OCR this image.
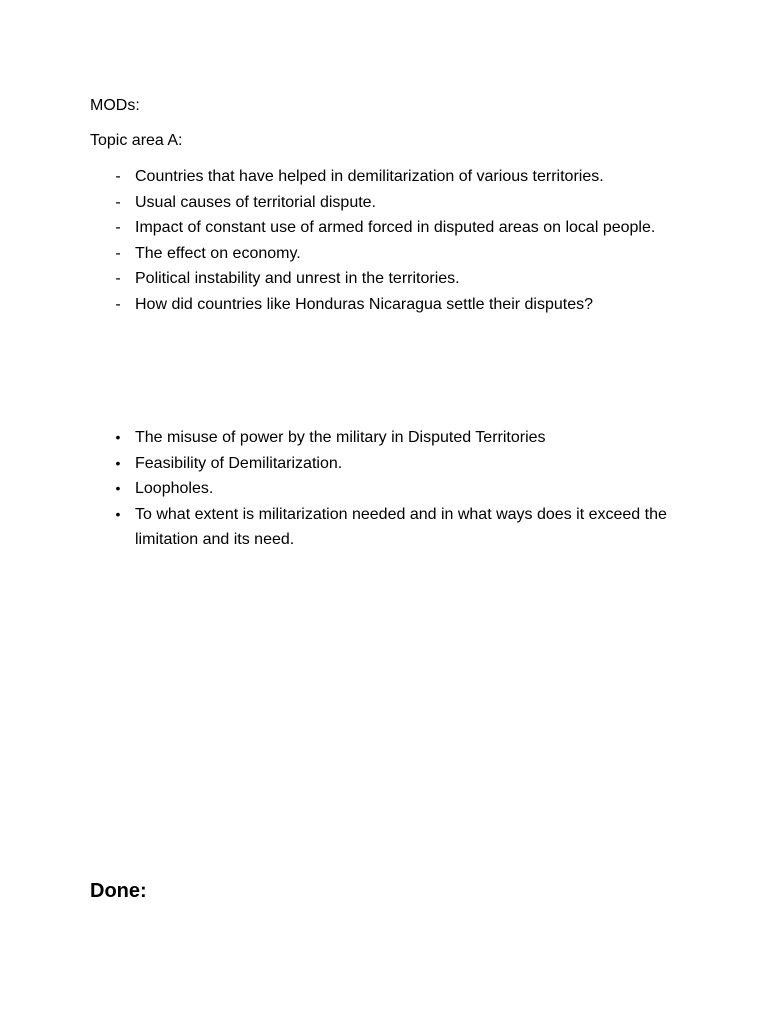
MODs:
Topic area A:
- Countries that have helped in demilitarization of various territories.
- Usual causes of territorial dispute.
- Impact of constant use of armed forced in disputed areas on local people.
- The effect on economy.
- Political instability and unrest in the territories.
- How did countries like Honduras Nicaragua settle their disputes?
• The misuse of power by the military in Disputed Territories
• Feasibility of Demilitarization.
• Loopholes.
• To what extent is militarization needed and in what ways does it exceed the limitation and its need.
Done:
